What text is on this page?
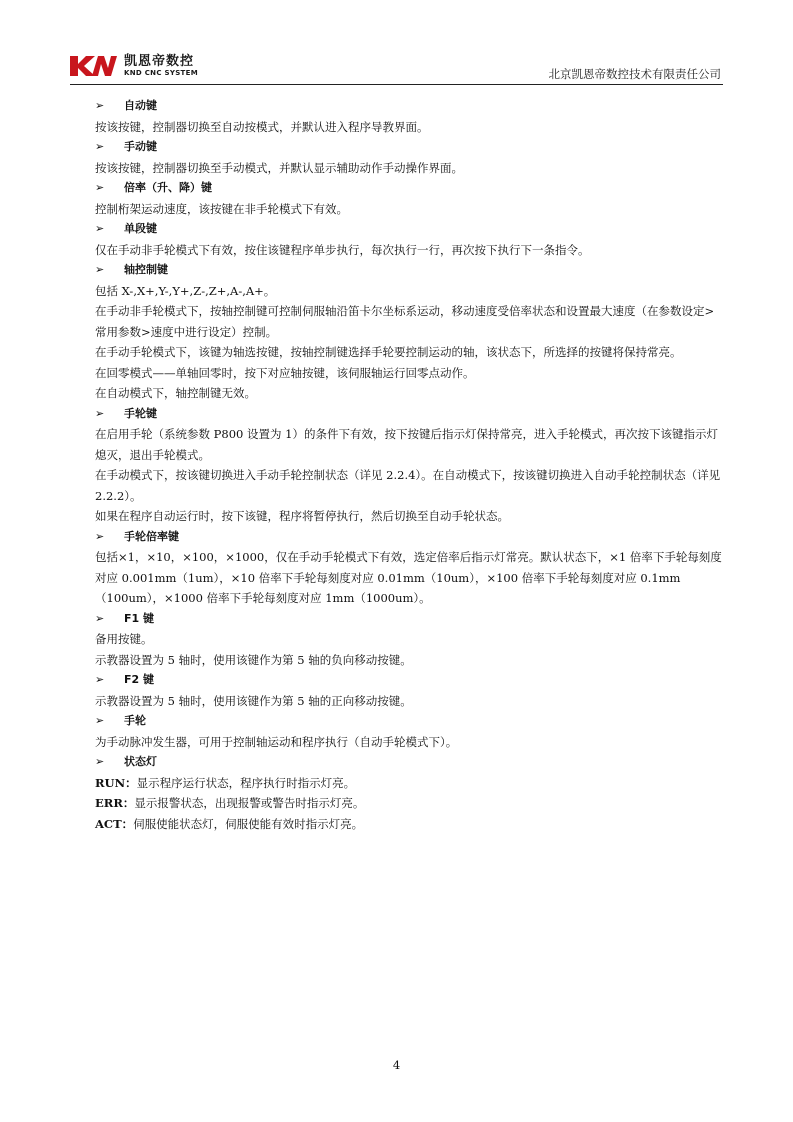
凯恩帝数控
KND CNC SYSTEM	北京凯恩帝数控技术有限责任公司
➢ 自动键

按该按键，控制器切换至自动按模式，并默认进入程序导教界面。

➢ 手动键

按该按键，控制器切换至手动模式，并默认显示辅助动作手动操作界面。

➢ 倍率（升、降）键

控制桁架运动速度，该按键在非手轮模式下有效。

➢ 单段键

仅在手动非手轮模式下有效，按住该键程序单步执行，每次执行一行，再次按下执行下一条指令。

➢ 轴控制键

包括 X-,X+,Y-,Y+,Z-,Z+,A-,A+。

在手动非手轮模式下，按轴控制键可控制伺服轴沿笛卡尔坐标系运动，移动速度受倍率状态和设置最大速度（在参数设定>常用参数>速度中进行设定）控制。

在手动手轮模式下，该键为轴选按键，按轴控制键选择手轮要控制运动的轴，该状态下，所选择的按键将保持常亮。

在回零模式——单轴回零时，按下对应轴按键，该伺服轴运行回零点动作。

在自动模式下，轴控制键无效。

➢ 手轮键

在启用手轮（系统参数 P800 设置为 1）的条件下有效，按下按键后指示灯保持常亮，进入手轮模式，再次按下该键指示灯熄灭，退出手轮模式。

在手动模式下，按该键切换进入手动手轮控制状态（详见 2.2.4）。在自动模式下，按该键切换进入自动手轮控制状态（详见 2.2.2）。

如果在程序自动运行时，按下该键，程序将暂停执行，然后切换至自动手轮状态。

➢ 手轮倍率键

包括×1，×10，×100，×1000，仅在手动手轮模式下有效，选定倍率后指示灯常亮。默认状态下，×1 倍率下手轮每刻度对应 0.001mm（1um），×10 倍率下手轮每刻度对应 0.01mm（10um），×100 倍率下手轮每刻度对应 0.1mm（100um），×1000 倍率下手轮每刻度对应 1mm（1000um）。

➢ F1 键

备用按键。

示教器设置为 5 轴时，使用该键作为第 5 轴的负向移动按键。

➢ F2 键

示教器设置为 5 轴时，使用该键作为第 5 轴的正向移动按键。

➢ 手轮

为手动脉冲发生器，可用于控制轴运动和程序执行（自动手轮模式下）。

➢ 状态灯

RUN：显示程序运行状态，程序执行时指示灯亮。

ERR：显示报警状态，出现报警或警告时指示灯亮。

ACT：伺服使能状态灯，伺服使能有效时指示灯亮。

4
